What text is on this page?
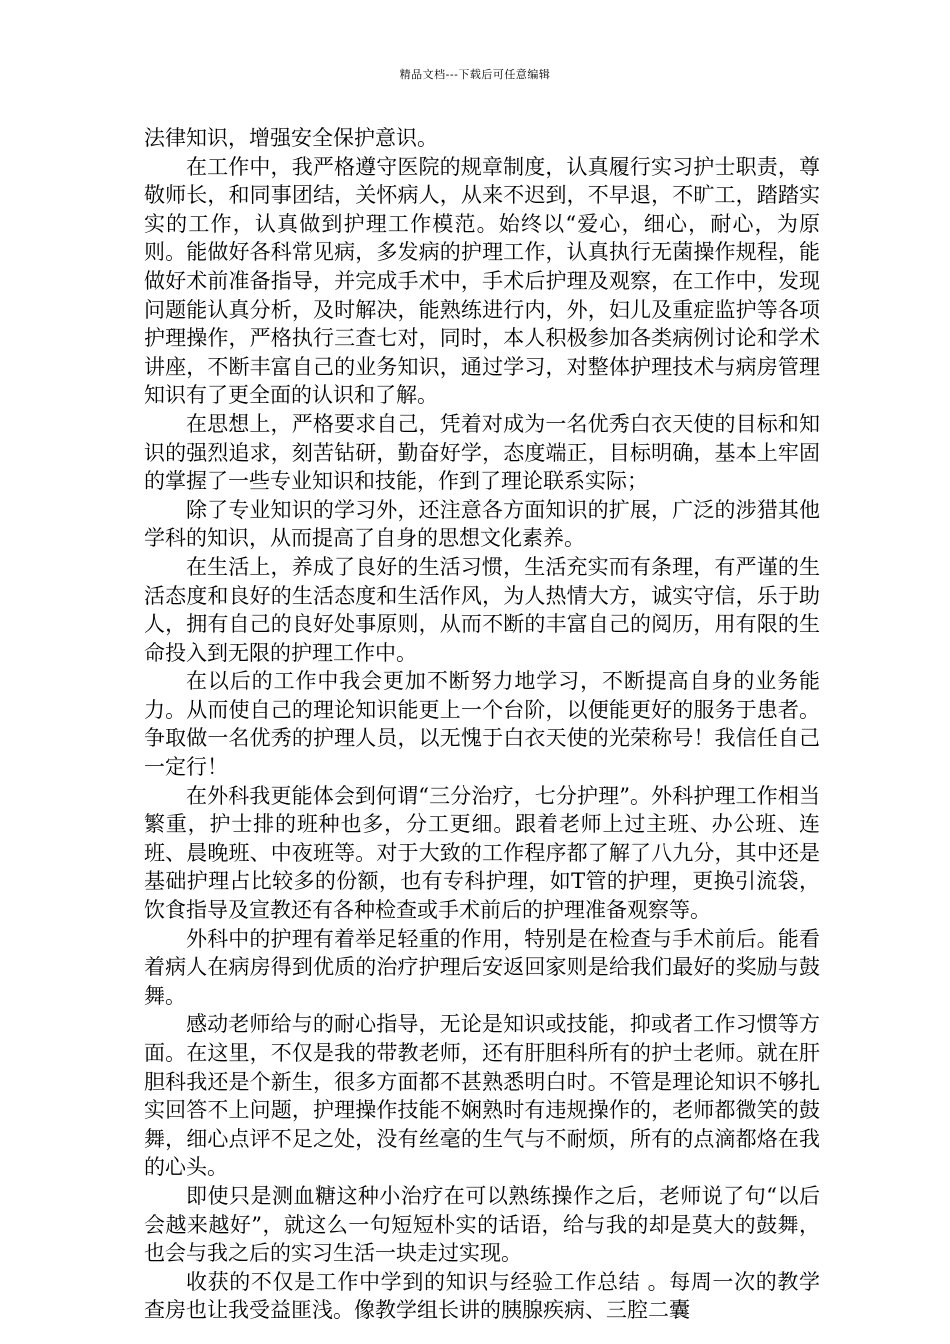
精品文档---下载后可任意编辑

法律知识，增强安全保护意识。

在工作中，我严格遵守医院的规章制度，认真履行实习护士职责，尊敬师长，和同事团结，关怀病人，从来不迟到，不早退，不旷工，踏踏实实的工作，认真做到护理工作模范。始终以“爱心，细心，耐心，为原则。能做好各科常见病，多发病的护理工作，认真执行无菌操作规程，能做好术前准备指导，并完成手术中，手术后护理及观察，在工作中，发现问题能认真分析，及时解决，能熟练进行内，外，妇儿及重症监护等各项护理操作，严格执行三查七对，同时，本人积极参加各类病例讨论和学术讲座，不断丰富自己的业务知识，通过学习，对整体护理技术与病房管理知识有了更全面的认识和了解。

在思想上，严格要求自己，凭着对成为一名优秀白衣天使的目标和知识的强烈追求，刻苦钻研，勤奋好学，态度端正，目标明确，基本上牢固的掌握了一些专业知识和技能，作到了理论联系实际；

除了专业知识的学习外，还注意各方面知识的扩展，广泛的涉猎其他学科的知识，从而提高了自身的思想文化素养。

在生活上，养成了良好的生活习惯，生活充实而有条理，有严谨的生活态度和良好的生活态度和生活作风，为人热情大方，诚实守信，乐于助人，拥有自己的良好处事原则，从而不断的丰富自己的阅历，用有限的生命投入到无限的护理工作中。

在以后的工作中我会更加不断努力地学习，不断提高自身的业务能力。从而使自己的理论知识能更上一个台阶，以便能更好的服务于患者。争取做一名优秀的护理人员，以无愧于白衣天使的光荣称号！我信任自己一定行！

在外科我更能体会到何谓“三分治疗，七分护理”。外科护理工作相当繁重，护士排的班种也多，分工更细。跟着老师上过主班、办公班、连班、晨晚班、中夜班等。对于大致的工作程序都了解了八九分，其中还是基础护理占比较多的份额，也有专科护理，如T管的护理，更换引流袋，饮食指导及宣教还有各种检查或手术前后的护理准备观察等。

外科中的护理有着举足轻重的作用，特别是在检查与手术前后。能看着病人在病房得到优质的治疗护理后安返回家则是给我们最好的奖励与鼓舞。

感动老师给与的耐心指导，无论是知识或技能，抑或者工作习惯等方面。在这里，不仅是我的带教老师，还有肝胆科所有的护士老师。就在肝胆科我还是个新生，很多方面都不甚熟悉明白时。不管是理论知识不够扎实回答不上问题，护理操作技能不娴熟时有违规操作的，老师都微笑的鼓舞，细心点评不足之处，没有丝毫的生气与不耐烦，所有的点滴都烙在我的心头。

即使只是测血糖这种小治疗在可以熟练操作之后，老师说了句“以后会越来越好”，就这么一句短短朴实的话语，给与我的却是莫大的鼓舞，也会与我之后的实习生活一块走过实现。

收获的不仅是工作中学到的知识与经验工作总结 。每周一次的教学查房也让我受益匪浅。像教学组长讲的胰腺疾病、三腔二囊
